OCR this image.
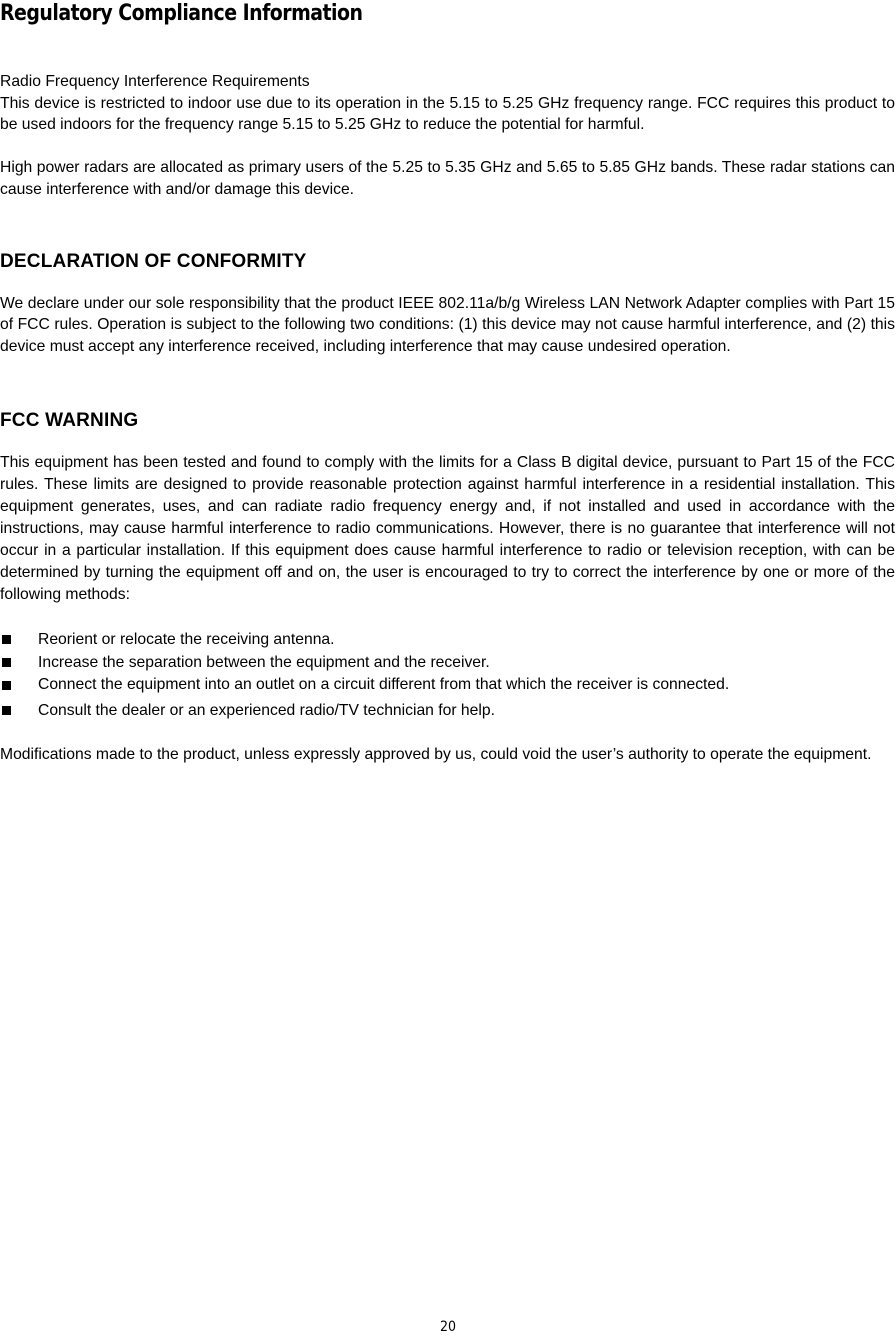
Regulatory Compliance Information

Radio Frequency Interference Requirements

This device is restricted to indoor use due to its operation in the 5.15 to 5.25 GHz frequency range. FCC requires this product to be used indoors for the frequency range 5.15 to 5.25 GHz to reduce the potential for harmful.

High power radars are allocated as primary users of the 5.25 to 5.35 GHz and 5.65 to 5.85 GHz bands. These radar stations can cause interference with and/or damage this device.

DECLARATION OF CONFORMITY

We declare under our sole responsibility that the product IEEE 802.11a/b/g Wireless LAN Network Adapter complies with Part 15 of FCC rules. Operation is subject to the following two conditions: (1) this device may not cause harmful interference, and (2) this device must accept any interference received, including interference that may cause undesired operation.

FCC WARNING

This equipment has been tested and found to comply with the limits for a Class B digital device, pursuant to Part 15 of the FCC rules. These limits are designed to provide reasonable protection against harmful interference in a residential installation. This equipment generates, uses, and can radiate radio frequency energy and, if not installed and used in accordance with the instructions, may cause harmful interference to radio communications. However, there is no guarantee that interference will not occur in a particular installation. If this equipment does cause harmful interference to radio or television reception, with can be determined by turning the equipment off and on, the user is encouraged to try to correct the interference by one or more of the following methods:

Reorient or relocate the receiving antenna.
Increase the separation between the equipment and the receiver.
Connect the equipment into an outlet on a circuit different from that which the receiver is connected.
Consult the dealer or an experienced radio/TV technician for help.

Modifications made to the product, unless expressly approved by us, could void the user’s authority to operate the equipment.

20
